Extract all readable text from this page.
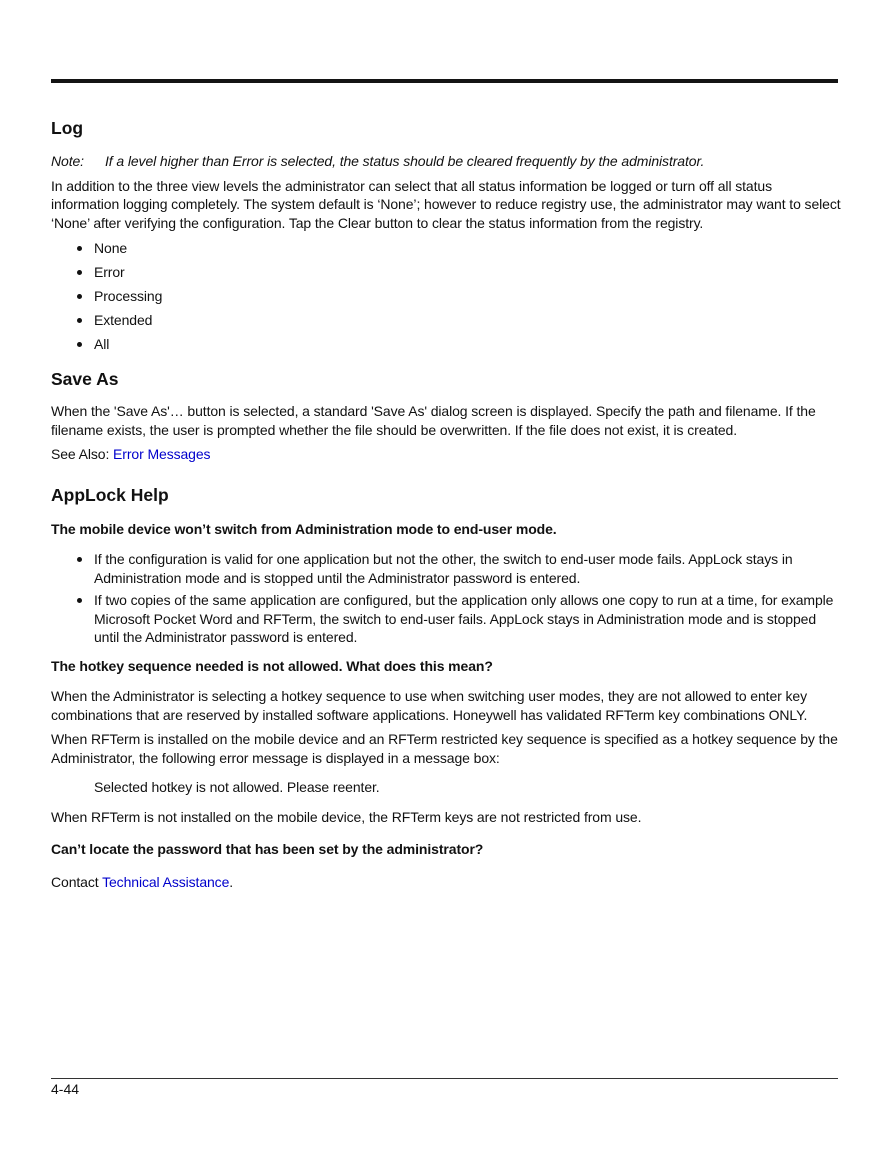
Log
Note:	If a level higher than Error is selected, the status should be cleared frequently by the administrator.

In addition to the three view levels the administrator can select that all status information be logged or turn off all status information logging completely. The system default is ‘None’; however to reduce registry use, the administrator may want to select ‘None’ after verifying the configuration. Tap the Clear button to clear the status information from the registry.

None
Error
Processing
Extended
All
Save As

When the 'Save As'… button is selected, a standard 'Save As' dialog screen is displayed. Specify the path and filename. If the filename exists, the user is prompted whether the file should be overwritten. If the file does not exist, it is created.

See Also: Error Messages

AppLock Help

The mobile device won’t switch from Administration mode to end-user mode.

If the configuration is valid for one application but not the other, the switch to end-user mode fails. AppLock stays in Administration mode and is stopped until the Administrator password is entered.
If two copies of the same application are configured, but the application only allows one copy to run at a time, for example Microsoft Pocket Word and RFTerm, the switch to end-user fails. AppLock stays in Administration mode and is stopped until the Administrator password is entered.

The hotkey sequence needed is not allowed. What does this mean?

When the Administrator is selecting a hotkey sequence to use when switching user modes, they are not allowed to enter key combinations that are reserved by installed software applications. Honeywell has validated RFTerm key combinations ONLY.

When RFTerm is installed on the mobile device and an RFTerm restricted key sequence is specified as a hotkey sequence by the Administrator, the following error message is displayed in a message box:

Selected hotkey is not allowed. Please reenter.

When RFTerm is not installed on the mobile device, the RFTerm keys are not restricted from use.

Can’t locate the password that has been set by the administrator?

Contact Technical Assistance.

4-44
